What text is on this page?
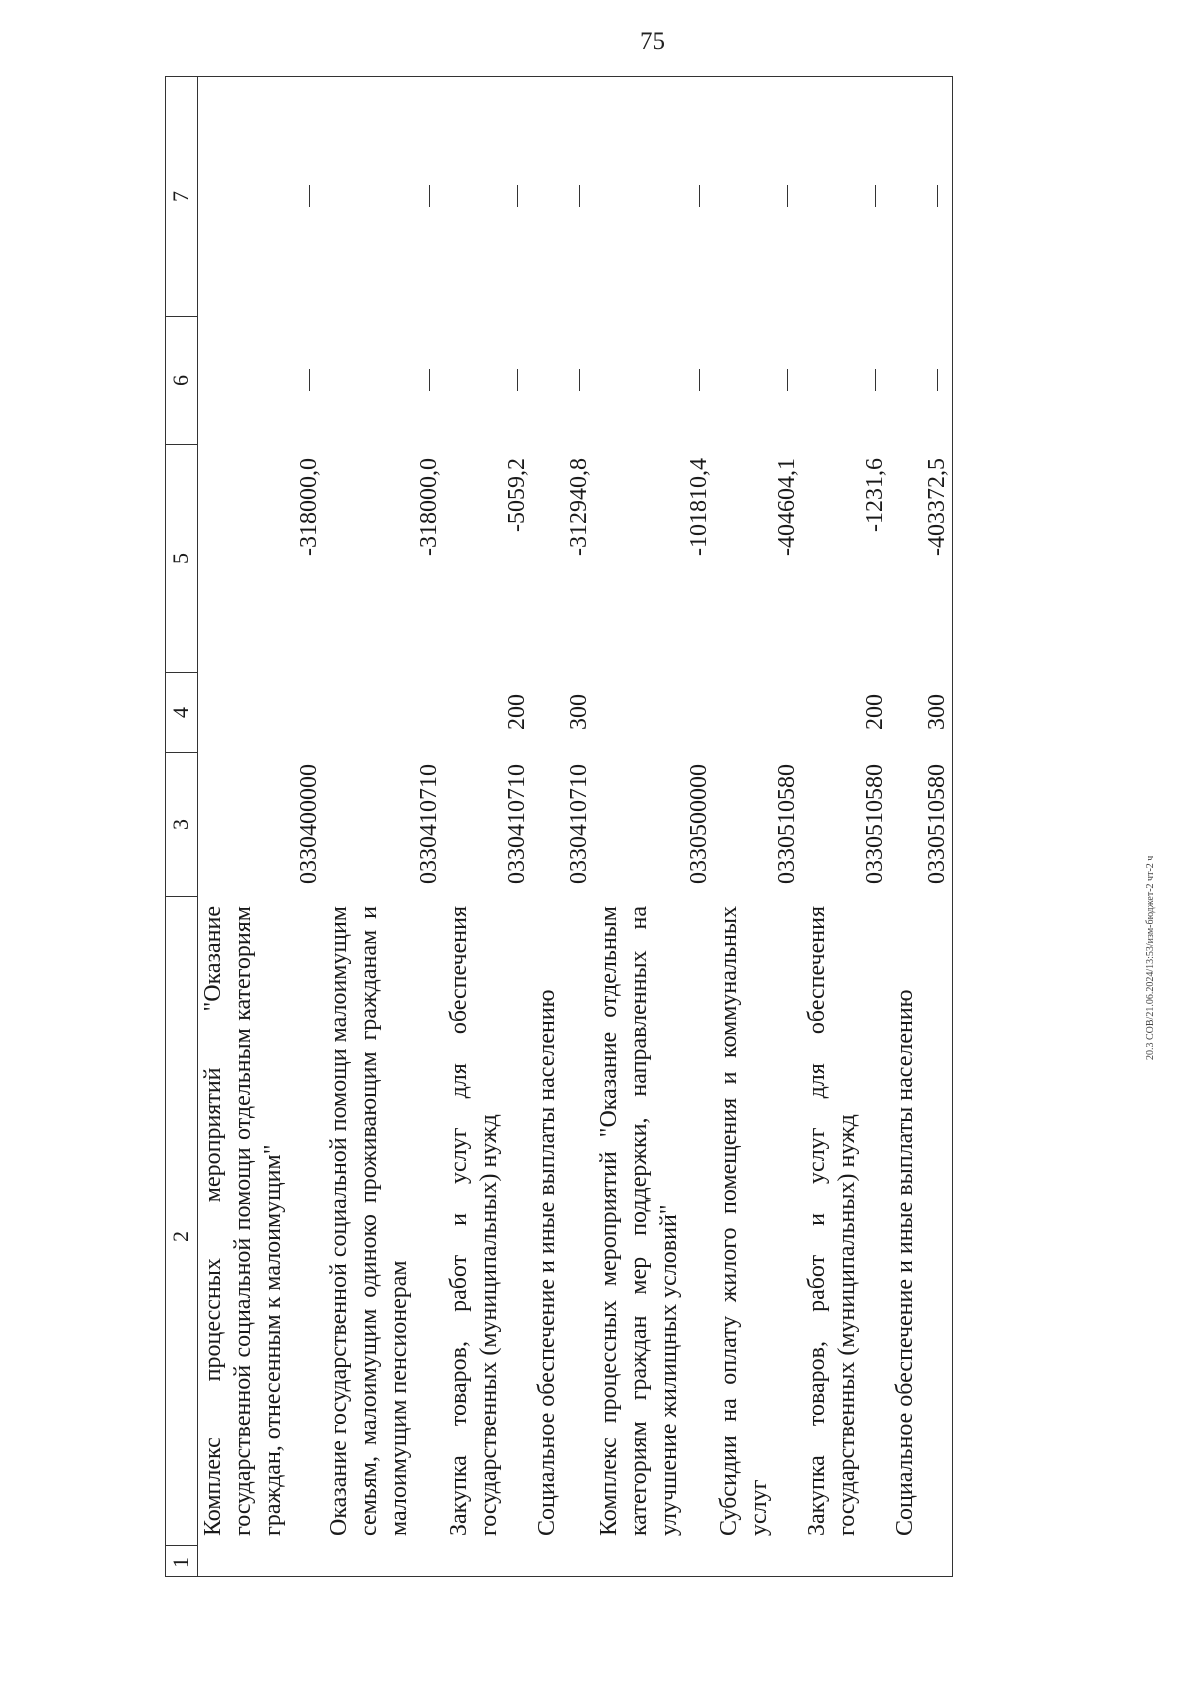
75
20.3 СОВ/21.06.2024/13:53/изм-бюджет-2 чт-2 ч
1
2
3
4
5
6
7
Комплекс процессных мероприятий "Оказание государственной социальной помощи отдельным категориям граждан, отнесенным к малоимущим"
0330400000
-318000,0
Оказание государственной социальной помощи малоимущим семьям, малоимущим одиноко проживающим гражданам и малоимущим пенсионерам
0330410710
-318000,0
Закупка товаров, работ и услуг для обеспечения государственных (муниципальных) нужд
0330410710
200
-5059,2
Социальное обеспечение и иные выплаты населению
0330410710
300
-312940,8
Комплекс процессных мероприятий "Оказание отдельным категориям граждан мер поддержки, направленных на улучшение жилищных условий"
0330500000
-101810,4
Субсидии на оплату жилого помещения и коммунальных услуг
0330510580
-404604,1
Закупка товаров, работ и услуг для обеспечения государственных (муниципальных) нужд
0330510580
200
-1231,6
Социальное обеспечение и иные выплаты населению
0330510580
300
-403372,5
